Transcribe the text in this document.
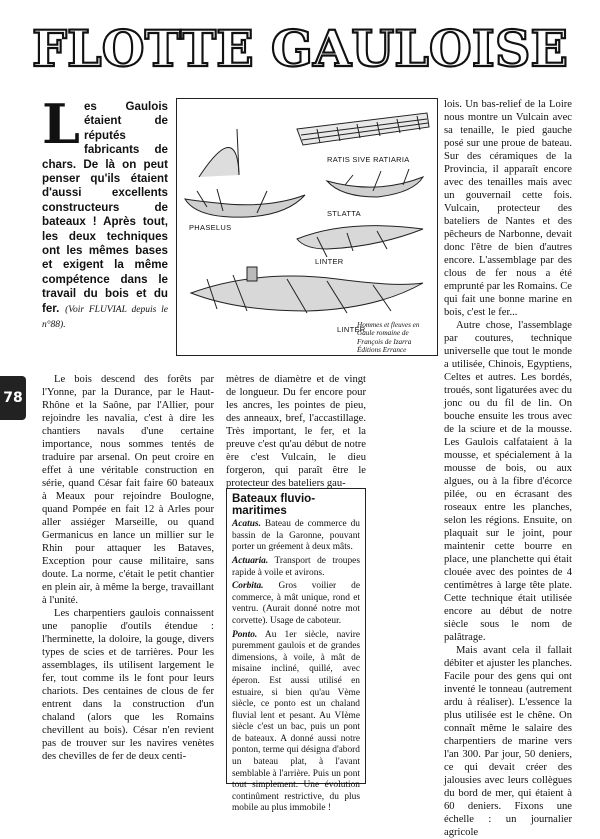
FLOTTE GAULOISE
Les Gaulois étaient de réputés fabricants de chars. De là on peut penser qu'ils étaient d'aussi excellents constructeurs de bateaux ! Après tout, les deux techniques ont les mêmes bases et exigent la même compétence dans le travail du bois et du fer. (Voir FLUVIAL depuis le n°88).
RATIS SIVE RATIARIA
PHASELUS
STLATTA
LINTER
LINTER
Hommes et fleuves en Gaule romaine de François de Izarra Éditions Errance
78

Le bois descend des forêts par l'Yonne, par la Durance, par le Haut-Rhône et la Saône, par l'Allier, pour rejoindre les navalia, c'est à dire les chantiers navals d'une certaine importance, nous sommes tentés de traduire par arsenal. On peut croire en effet à une véritable construction en série, quand César fait faire 60 bateaux à Meaux pour rejoindre Boulogne, quand Pompée en fait 12 à Arles pour aller assiéger Marseille, ou quand Germanicus en lance un millier sur le Rhin pour attaquer les Bataves, Exception pour cause militaire, sans doute. La norme, c'était le petit chantier en plein air, à même la berge, travaillant à l'unité.

Les charpentiers gaulois connaissent une panoplie d'outils étendue : l'herminette, la doloire, la gouge, divers types de scies et de tarrières. Pour les assemblages, ils utilisent largement le fer, tout comme ils le font pour leurs chariots. Des centaines de clous de fer entrent dans la construction d'un chaland (alors que les Romains chevillent au bois). César n'en revient pas de trouver sur les navires venètes des chevilles de fer de deux centi-

mètres de diamètre et de vingt de longueur. Du fer encore pour les ancres, les pointes de pieu, des anneaux, bref, l'accastillage. Très important, le fer, et la preuve c'est qu'au début de notre ère c'est Vulcain, le dieu forgeron, qui paraît être le protecteur des bateliers gau-

Bateaux fluvio-maritimes

Acatus. Bateau de commerce du bassin de la Garonne, pouvant porter un gréement à deux mâts.

Actuaria. Transport de troupes rapide à voile et avirons.

Corbita. Gros voilier de commerce, à mât unique, rond et ventru. (Aurait donné notre mot corvette). Usage de caboteur.

Ponto. Au 1er siècle, navire puremment gaulois et de grandes dimensions, à voile, à mât de misaine incliné, quillé, avec éperon. Est aussi utilisé en estuaire, si bien qu'au Vème siècle, ce ponto est un chaland fluvial lent et pesant. Au VIème siècle c'est un bac, puis un pont de bateaux. A donné aussi notre ponton, terme qui désigna d'abord un bateau plat, à l'avant semblable à l'arrière. Puis un pont tout simplement. Une évolution continûment restrictive, du plus mobile au plus immobile !

lois. Un bas-relief de la Loire nous montre un Vulcain avec sa tenaille, le pied gauche posé sur une proue de bateau. Sur des céramiques de la Provincia, il apparaît encore avec des tenailles mais avec un gouvernail cette fois. Vulcain, protecteur des bateliers de Nantes et des pêcheurs de Narbonne, devait donc l'être de bien d'autres encore. L'assemblage par des clous de fer nous a été emprunté par les Romains. Ce qui fait une bonne marine en bois, c'est le fer...

Autre chose, l'assemblage par coutures, technique universelle que tout le monde a utilisée, Chinois, Egyptiens, Celtes et autres. Les bordés, troués, sont ligaturées avec du jonc ou du fil de lin. On bouche ensuite les trous avec de la sciure et de la mousse. Les Gaulois calfataient à la mousse, et spécialement à la mousse de bois, ou aux algues, ou à la fibre d'écorce pilée, ou en écrasant des roseaux entre les planches, selon les régions. Ensuite, on plaquait sur le joint, pour maintenir cette bourre en place, une planchette qui était clouée avec des pointes de 4 centimètres à large tête plate. Cette technique était utilisée encore au début de notre siècle sous le nom de palâtrage.

Mais avant cela il fallait débiter et ajuster les planches. Facile pour des gens qui ont inventé le tonneau (autrement ardu à réaliser). L'essence la plus utilisée est le chêne. On connaît même le salaire des charpentiers de marine vers l'an 300. Par jour, 50 deniers, ce qui devait créer des jalousies avec leurs collègues du bord de mer, qui étaient à 60 deniers. Fixons une échelle : un journalier agricole
